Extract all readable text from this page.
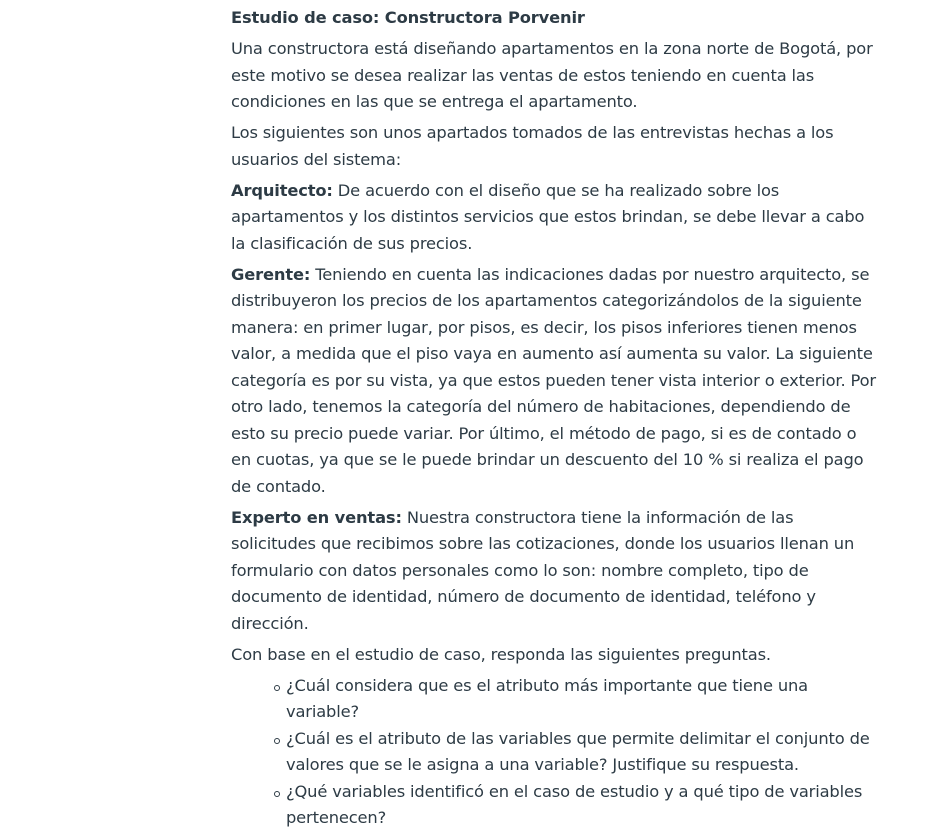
Estudio de caso: Constructora Porvenir

Una constructora está diseñando apartamentos en la zona norte de Bogotá, por este motivo se desea realizar las ventas de estos teniendo en cuenta las condiciones en las que se entrega el apartamento.

Los siguientes son unos apartados tomados de las entrevistas hechas a los usuarios del sistema:

Arquitecto: De acuerdo con el diseño que se ha realizado sobre los apartamentos y los distintos servicios que estos brindan, se debe llevar a cabo la clasificación de sus precios.

Gerente: Teniendo en cuenta las indicaciones dadas por nuestro arquitecto, se distribuyeron los precios de los apartamentos categorizándolos de la siguiente manera: en primer lugar, por pisos, es decir, los pisos inferiores tienen menos valor, a medida que el piso vaya en aumento así aumenta su valor. La siguiente categoría es por su vista, ya que estos pueden tener vista interior o exterior. Por otro lado, tenemos la categoría del número de habitaciones, dependiendo de esto su precio puede variar. Por último, el método de pago, si es de contado o en cuotas, ya que se le puede brindar un descuento del 10 % si realiza el pago de contado.

Experto en ventas: Nuestra constructora tiene la información de las solicitudes que recibimos sobre las cotizaciones, donde los usuarios llenan un formulario con datos personales como lo son: nombre completo, tipo de documento de identidad, número de documento de identidad, teléfono y dirección.

Con base en el estudio de caso, responda las siguientes preguntas.

¿Cuál considera que es el atributo más importante que tiene una variable?
¿Cuál es el atributo de las variables que permite delimitar el conjunto de valores que se le asigna a una variable? Justifique su respuesta.
¿Qué variables identificó en el caso de estudio y a qué tipo de variables pertenecen?
